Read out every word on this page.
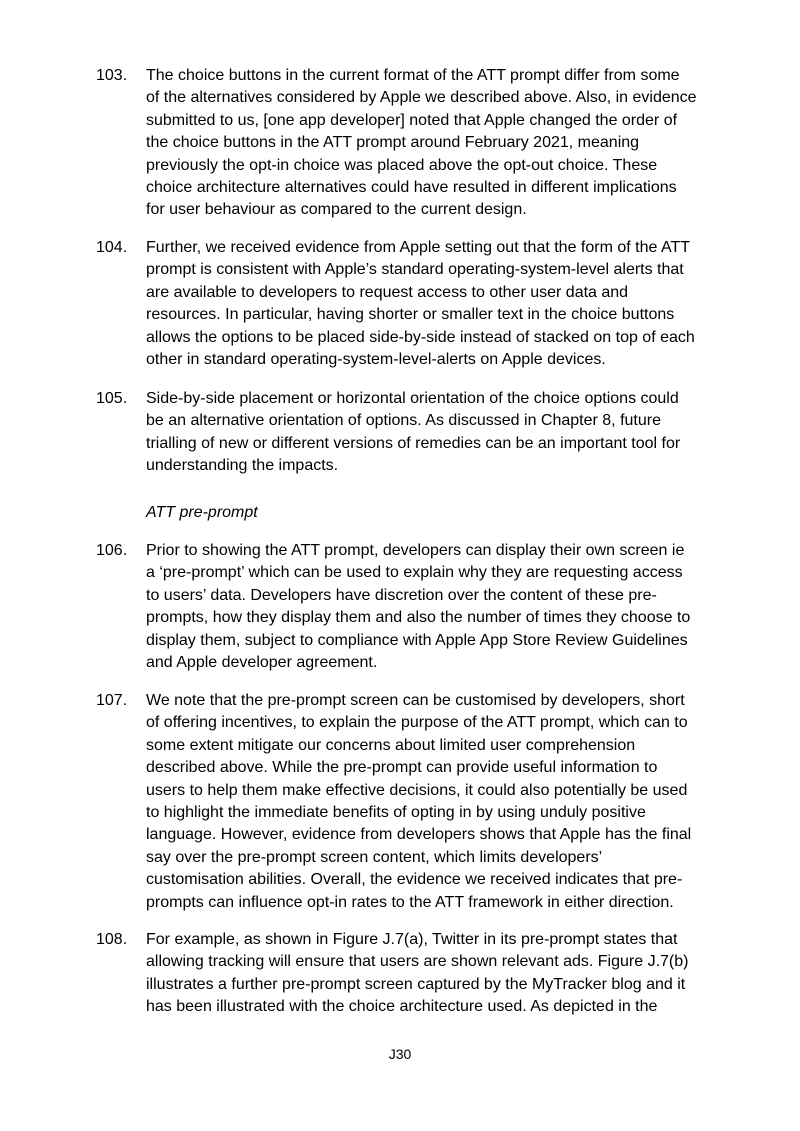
103. The choice buttons in the current format of the ATT prompt differ from some
of the alternatives considered by Apple we described above. Also, in evidence
submitted to us, [one app developer] noted that Apple changed the order of
the choice buttons in the ATT prompt around February 2021, meaning
previously the opt-in choice was placed above the opt-out choice. These
choice architecture alternatives could have resulted in different implications
for user behaviour as compared to the current design.
104. Further, we received evidence from Apple setting out that the form of the ATT
prompt is consistent with Apple’s standard operating-system-level alerts that
are available to developers to request access to other user data and
resources. In particular, having shorter or smaller text in the choice buttons
allows the options to be placed side-by-side instead of stacked on top of each
other in standard operating-system-level-alerts on Apple devices.
105. Side-by-side placement or horizontal orientation of the choice options could
be an alternative orientation of options. As discussed in Chapter 8, future
trialling of new or different versions of remedies can be an important tool for
understanding the impacts.
ATT pre-prompt
106. Prior to showing the ATT prompt, developers can display their own screen ie
a ‘pre-prompt’ which can be used to explain why they are requesting access
to users’ data. Developers have discretion over the content of these pre-
prompts, how they display them and also the number of times they choose to
display them, subject to compliance with Apple App Store Review Guidelines
and Apple developer agreement.
107. We note that the pre-prompt screen can be customised by developers, short
of offering incentives, to explain the purpose of the ATT prompt, which can to
some extent mitigate our concerns about limited user comprehension
described above. While the pre-prompt can provide useful information to
users to help them make effective decisions, it could also potentially be used
to highlight the immediate benefits of opting in by using unduly positive
language. However, evidence from developers shows that Apple has the final
say over the pre-prompt screen content, which limits developers’
customisation abilities. Overall, the evidence we received indicates that pre-
prompts can influence opt-in rates to the ATT framework in either direction.
108. For example, as shown in Figure J.7(a), Twitter in its pre-prompt states that
allowing tracking will ensure that users are shown relevant ads. Figure J.7(b)
illustrates a further pre-prompt screen captured by the MyTracker blog and it
has been illustrated with the choice architecture used. As depicted in the
J30
